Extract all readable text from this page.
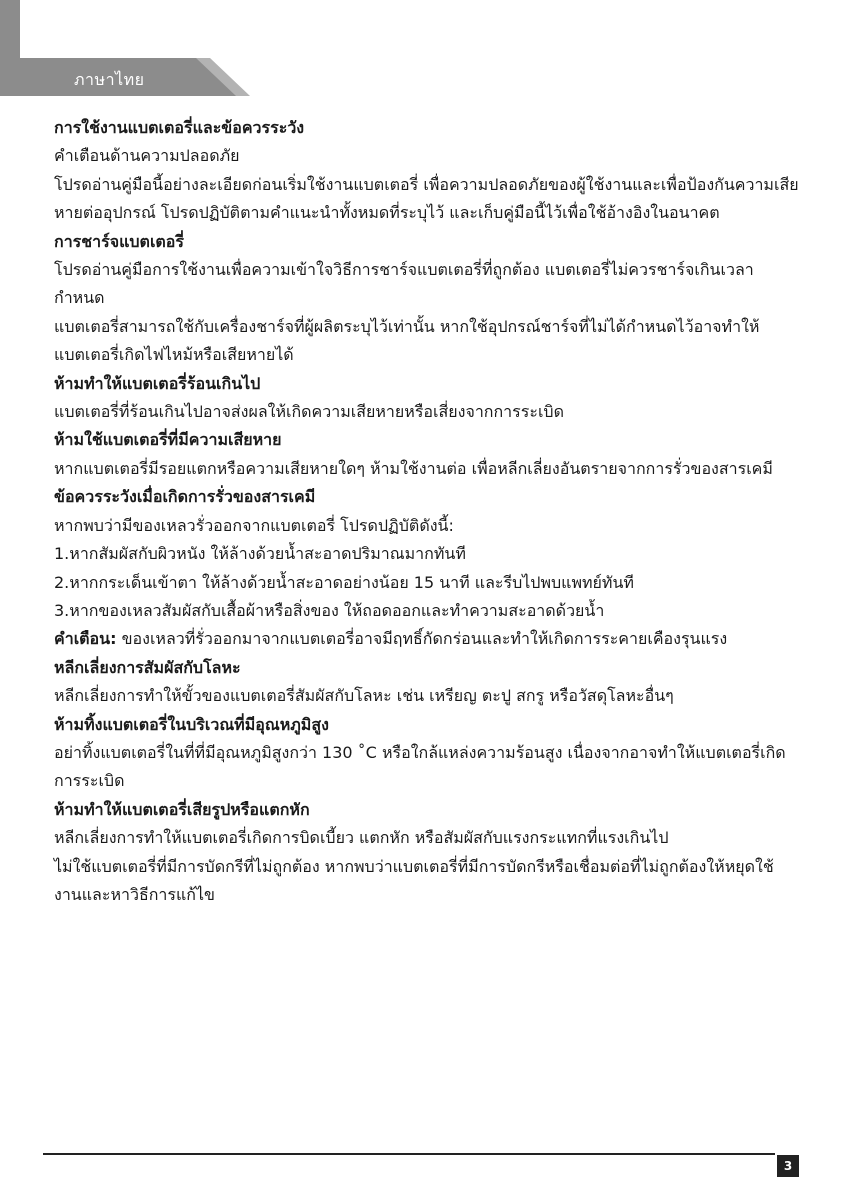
ภาษาไทย
การใช้งานแบตเตอรี่และข้อควรระวัง

คำเตือนด้านความปลอดภัย

โปรดอ่านคู่มือนี้อย่างละเอียดก่อนเริ่มใช้งานแบตเตอรี่ เพื่อความปลอดภัยของผู้ใช้งานและเพื่อป้องกันความเสียหายต่ออุปกรณ์ โปรดปฏิบัติตามคำแนะนำทั้งหมดที่ระบุไว้ และเก็บคู่มือนี้ไว้เพื่อใช้อ้างอิงในอนาคต

การชาร์จแบตเตอรี่

โปรดอ่านคู่มือการใช้งานเพื่อความเข้าใจวิธีการชาร์จแบตเตอรี่ที่ถูกต้อง แบตเตอรี่ไม่ควรชาร์จเกินเวลากำหนด

แบตเตอรี่สามารถใช้กับเครื่องชาร์จที่ผู้ผลิตระบุไว้เท่านั้น หากใช้อุปกรณ์ชาร์จที่ไม่ได้กำหนดไว้อาจทำให้แบตเตอรี่เกิดไฟไหม้หรือเสียหายได้

ห้ามทำให้แบตเตอรี่ร้อนเกินไป

แบตเตอรี่ที่ร้อนเกินไปอาจส่งผลให้เกิดความเสียหายหรือเสี่ยงจากการระเบิด

ห้ามใช้แบตเตอรี่ที่มีความเสียหาย

หากแบตเตอรี่มีรอยแตกหรือความเสียหายใดๆ ห้ามใช้งานต่อ เพื่อหลีกเลี่ยงอันตรายจากการรั่วของสารเคมี

ข้อควรระวังเมื่อเกิดการรั่วของสารเคมี

หากพบว่ามีของเหลวรั่วออกจากแบตเตอรี่ โปรดปฏิบัติดังนี้:

1.หากสัมผัสกับผิวหนัง ให้ล้างด้วยน้ำสะอาดปริมาณมากทันที

2.หากกระเด็นเข้าตา ให้ล้างด้วยน้ำสะอาดอย่างน้อย 15 นาที และรีบไปพบแพทย์ทันที

3.หากของเหลวสัมผัสกับเสื้อผ้าหรือสิ่งของ ให้ถอดออกและทำความสะอาดด้วยน้ำ

คำเตือน: ของเหลวที่รั่วออกมาจากแบตเตอรี่อาจมีฤทธิ์กัดกร่อนและทำให้เกิดการระคายเคืองรุนแรง

หลีกเลี่ยงการสัมผัสกับโลหะ

หลีกเลี่ยงการทำให้ขั้วของแบตเตอรี่สัมผัสกับโลหะ เช่น เหรียญ ตะปู สกรู หรือวัสดุโลหะอื่นๆ

ห้ามทิ้งแบตเตอรี่ในบริเวณที่มีอุณหภูมิสูง

อย่าทิ้งแบตเตอรี่ในที่ที่มีอุณหภูมิสูงกว่า 130 ˚C หรือใกล้แหล่งความร้อนสูง เนื่องจากอาจทำให้แบตเตอรี่เกิดการระเบิด

ห้ามทำให้แบตเตอรี่เสียรูปหรือแตกหัก

หลีกเลี่ยงการทำให้แบตเตอรี่เกิดการบิดเบี้ยว แตกหัก หรือสัมผัสกับแรงกระแทกที่แรงเกินไป

ไม่ใช้แบตเตอรี่ที่มีการบัดกรีที่ไม่ถูกต้อง หากพบว่าแบตเตอรี่ที่มีการบัดกรีหรือเชื่อมต่อที่ไม่ถูกต้องให้หยุดใช้งานและหาวิธีการแก้ไข

3
